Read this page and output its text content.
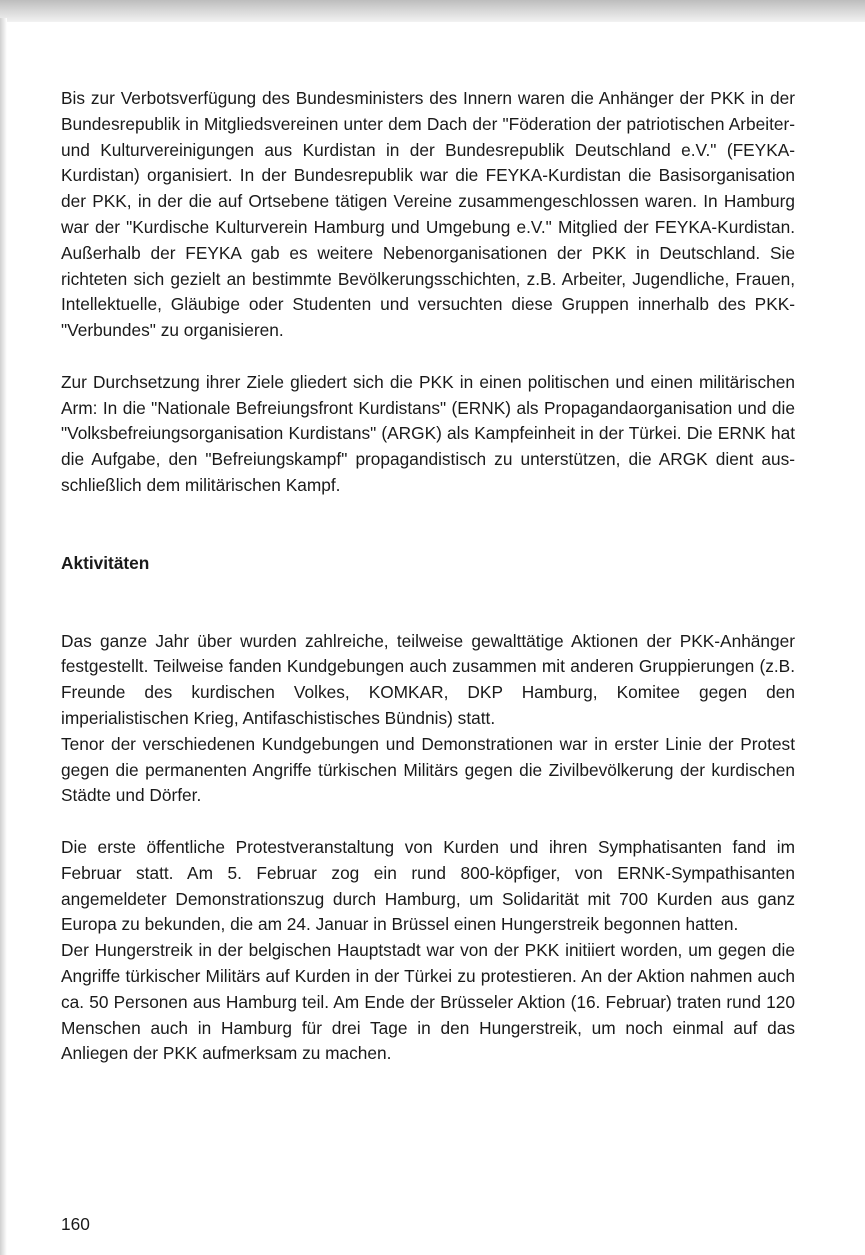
Bis zur Verbotsverfügung des Bundesministers des Innern waren die Anhänger der PKK in der Bundesrepublik in Mitgliedsvereinen unter dem Dach der "Föderation der patriotischen Arbeiter- und Kulturvereinigungen aus Kurdistan in der Bundesrepublik Deutschland e.V." (FEYKA-Kurdistan) organisiert. In der Bundesrepublik war die FEYKA-Kurdistan die Basisorganisation der PKK, in der die auf Ortsebene tätigen Vereine zusammengeschlossen waren. In Hamburg war der "Kurdische Kulturverein Hamburg und Umgebung e.V." Mitglied der FEYKA-Kurdistan. Außerhalb der FEYKA gab es weitere Nebenorganisationen der PKK in Deutschland. Sie richteten sich gezielt an bestimmte Bevölkerungsschichten, z.B. Arbeiter, Jugendliche, Frauen, Intellektuelle, Gläubige oder Studenten und versuchten diese Gruppen innerhalb des PKK-"Verbundes" zu organisieren.

Zur Durchsetzung ihrer Ziele gliedert sich die PKK in einen politischen und einen militärischen Arm: In die "Nationale Befreiungsfront Kurdistans" (ERNK) als Propagandaorganisation und die "Volksbefreiungsorganisation Kurdistans" (ARGK) als Kampfeinheit in der Türkei. Die ERNK hat die Aufgabe, den "Befreiungskampf" propagandistisch zu unterstützen, die ARGK dient ausschließlich dem militärischen Kampf.

Aktivitäten

Das ganze Jahr über wurden zahlreiche, teilweise gewalttätige Aktionen der PKK-Anhänger festgestellt. Teilweise fanden Kundgebungen auch zusammen mit anderen Gruppierungen (z.B. Freunde des kurdischen Volkes, KOMKAR, DKP Hamburg, Komitee gegen den imperialistischen Krieg, Antifaschistisches Bündnis) statt.

Tenor der verschiedenen Kundgebungen und Demonstrationen war in erster Linie der Protest gegen die permanenten Angriffe türkischen Militärs gegen die Zivilbevölkerung der kurdischen Städte und Dörfer.

Die erste öffentliche Protestveranstaltung von Kurden und ihren Symphatisanten fand im Februar statt. Am 5. Februar zog ein rund 800-köpfiger, von ERNK-Sympathisanten angemeldeter Demonstrationszug durch Hamburg, um Solidarität mit 700 Kurden aus ganz Europa zu bekunden, die am 24. Januar in Brüssel einen Hungerstreik begonnen hatten.

Der Hungerstreik in der belgischen Hauptstadt war von der PKK initiiert worden, um gegen die Angriffe türkischer Militärs auf Kurden in der Türkei zu protestieren. An der Aktion nahmen auch ca. 50 Personen aus Hamburg teil. Am Ende der Brüsseler Aktion (16. Februar) traten rund 120 Menschen auch in Hamburg für drei Tage in den Hungerstreik, um noch einmal auf das Anliegen der PKK aufmerksam zu machen.

160
